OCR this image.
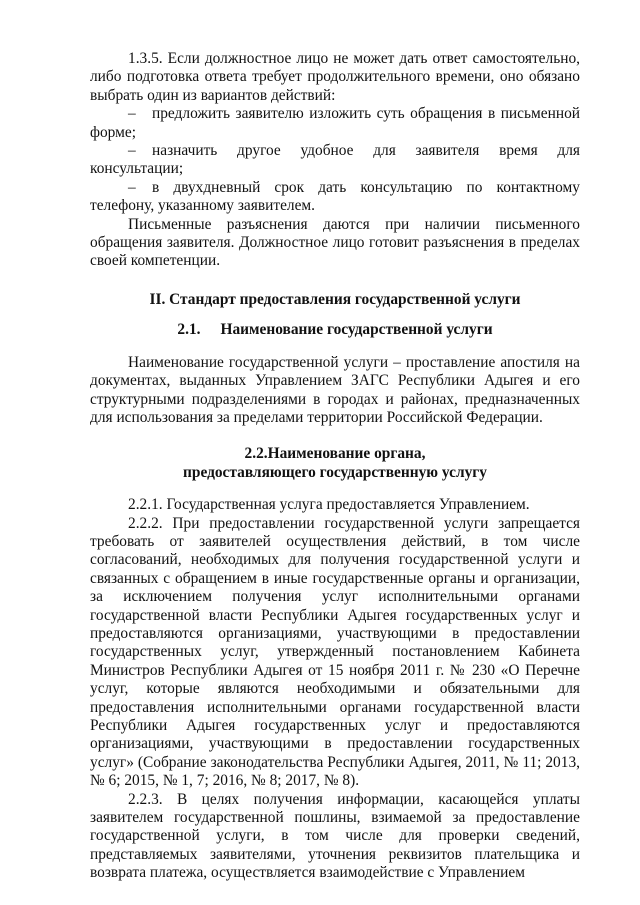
1.3.5. Если должностное лицо не может дать ответ самостоятельно, либо подготовка ответа требует продолжительного времени, оно обязано выбрать один из вариантов действий:

– предложить заявителю изложить суть обращения в письменной форме;

– назначить другое удобное для заявителя время для консультации;

– в двухдневный срок дать консультацию по контактному телефону, указанному заявителем.

Письменные разъяснения даются при наличии письменного обращения заявителя. Должностное лицо готовит разъяснения в пределах своей компетенции.

II. Стандарт предоставления государственной услуги

2.1. Наименование государственной услуги

Наименование государственной услуги – проставление апостиля на документах, выданных Управлением ЗАГС Республики Адыгея и его структурными подразделениями в городах и районах, предназначенных для использования за пределами территории Российской Федерации.

2.2.Наименование органа,
предоставляющего государственную услугу

2.2.1. Государственная услуга предоставляется Управлением.

2.2.2. При предоставлении государственной услуги запрещается требовать от заявителей осуществления действий, в том числе согласований, необходимых для получения государственной услуги и связанных с обращением в иные государственные органы и организации, за исключением получения услуг исполнительными органами государственной власти Республики Адыгея государственных услуг и предоставляются организациями, участвующими в предоставлении государственных услуг, утвержденный постановлением Кабинета Министров Республики Адыгея от 15 ноября 2011 г. № 230 «О Перечне услуг, которые являются необходимыми и обязательными для предоставления исполнительными органами государственной власти Республики Адыгея государственных услуг и предоставляются организациями, участвующими в предоставлении государственных услуг» (Собрание законодательства Республики Адыгея, 2011, № 11; 2013, № 6; 2015, № 1, 7; 2016, № 8; 2017, № 8).

2.2.3. В целях получения информации, касающейся уплаты заявителем государственной пошлины, взимаемой за предоставление государственной услуги, в том числе для проверки сведений, представляемых заявителями, уточнения реквизитов плательщика и возврата платежа, осуществляется взаимодействие с Управлением
